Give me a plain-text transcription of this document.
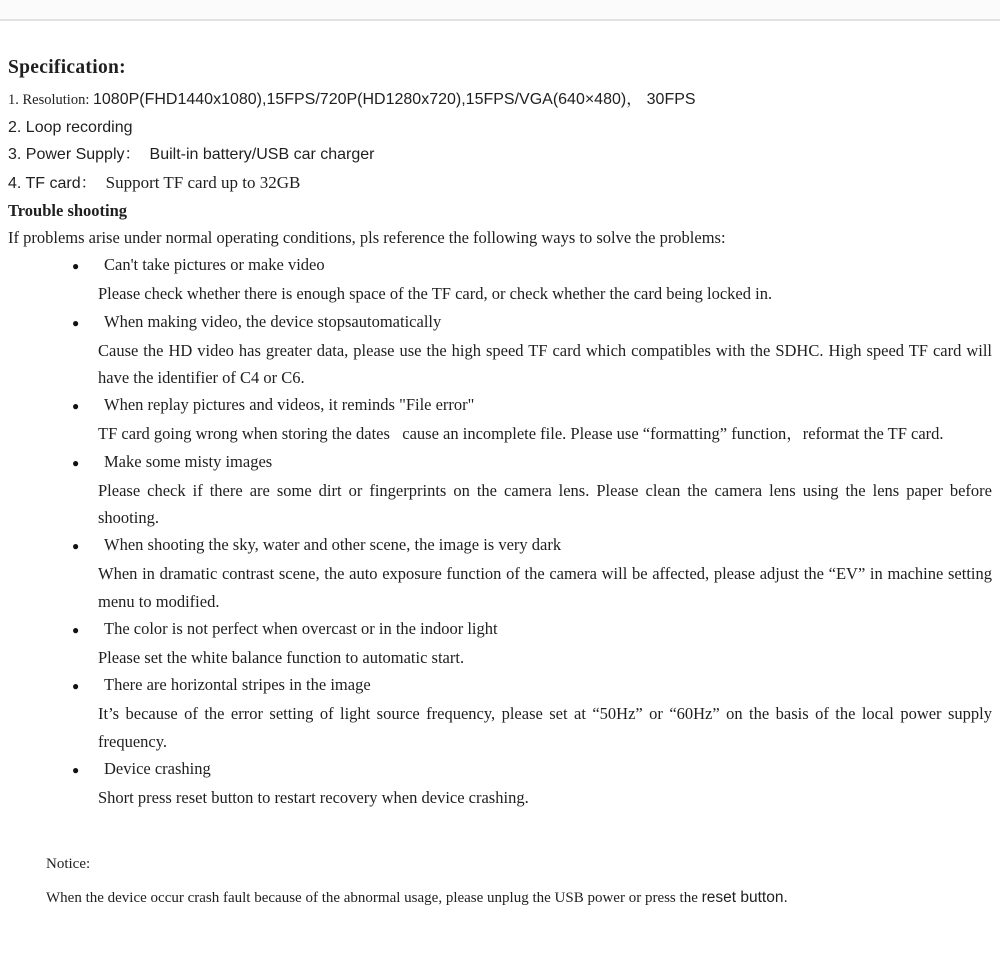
Specification:
1. Resolution: 1080P(FHD1440x1080),15FPS/720P(HD1280x720),15FPS/VGA(640×480)， 30FPS
2. Loop recording
3. Power Supply： Built-in battery/USB car charger
4. TF card： Support TF card up to 32GB
Trouble shooting

If problems arise under normal operating conditions, pls reference the following ways to solve the problems:

● Can't take pictures or make video
Please check whether there is enough space of the TF card, or check whether the card being locked in.
● When making video, the device stopsautomatically
Cause the HD video has greater data, please use the high speed TF card which compatibles with the SDHC. High speed TF card will have the identifier of C4 or C6.
● When replay pictures and videos, it reminds "File error"
TF card going wrong when storing the dates   cause an incomplete file. Please use “formatting” function，reformat the TF card.
● Make some misty images
Please check if there are some dirt or fingerprints on the camera lens. Please clean the camera lens using the lens paper before shooting.
● When shooting the sky, water and other scene, the image is very dark
When in dramatic contrast scene, the auto exposure function of the camera will be affected, please adjust the “EV” in machine setting menu to modified.
● The color is not perfect when overcast or in the indoor light
Please set the white balance function to automatic start.
● There are horizontal stripes in the image
It’s because of the error setting of light source frequency, please set at “50Hz” or “60Hz” on the basis of the local power supply frequency.
● Device crashing
Short press reset button to restart recovery when device crashing.
Notice:

When the device occur crash fault because of the abnormal usage, please unplug the USB power or press the reset button.
